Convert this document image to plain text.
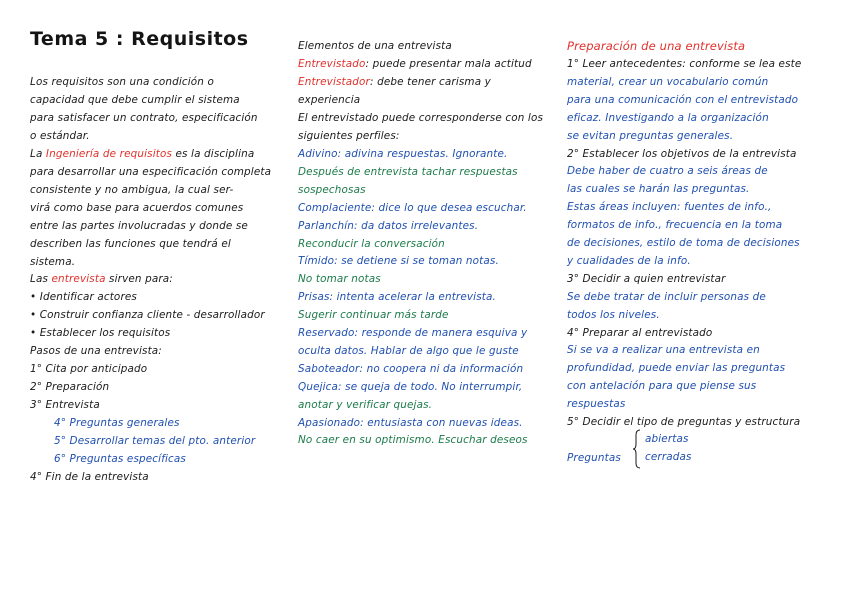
Tema 5 : Requisitos
Los requisitos son una condición o
capacidad que debe cumplir el sistema
para satisfacer un contrato, especificación
o estándar.
La Ingeniería de requisitos es la disciplina
para desarrollar una especificación completa
consistente y no ambigua, la cual ser-
virá como base para acuerdos comunes
entre las partes involucradas y donde se
describen las funciones que tendrá el
sistema.
Las entrevista sirven para:
• Identificar actores
• Construir confianza cliente - desarrollador
• Establecer los requisitos
Pasos de una entrevista:
1° Cita por anticipado
2° Preparación
3° Entrevista
4° Preguntas generales
5° Desarrollar temas del pto. anterior
6° Preguntas específicas
4° Fin de la entrevista
Elementos de una entrevista
Entrevistado: puede presentar mala actitud
Entrevistador: debe tener carisma y
experiencia
El entrevistado puede corresponderse con los
siguientes perfiles:
Adivino: adivina respuestas. Ignorante.
Después de entrevista tachar respuestas
sospechosas
Complaciente: dice lo que desea escuchar.
Parlanchín: da datos irrelevantes.
Reconducir la conversación
Tímido: se detiene si se toman notas.
No tomar notas
Prisas: intenta acelerar la entrevista.
Sugerir continuar más tarde
Reservado: responde de manera esquiva y
oculta datos. Hablar de algo que le guste
Saboteador: no coopera ni da información
Quejica: se queja de todo. No interrumpir,
anotar y verificar quejas.
Apasionado: entusiasta con nuevas ideas.
No caer en su optimismo. Escuchar deseos
Preparación de una entrevista
1° Leer antecedentes: conforme se lea este
material, crear un vocabulario común
para una comunicación con el entrevistado
eficaz. Investigando a la organización
se evitan preguntas generales.
2° Establecer los objetivos de la entrevista
Debe haber de cuatro a seis áreas de
las cuales se harán las preguntas.
Estas áreas incluyen: fuentes de info.,
formatos de info., frecuencia en la toma
de decisiones, estilo de toma de decisiones
y cualidades de la info.
3° Decidir a quien entrevistar
Se debe tratar de incluir personas de
todos los niveles.
4° Preparar al entrevistado
Si se va a realizar una entrevista en
profundidad, puede enviar las preguntas
con antelación para que piense sus
respuestas
5° Decidir el tipo de preguntas y estructura
Preguntas
abiertas
cerradas
